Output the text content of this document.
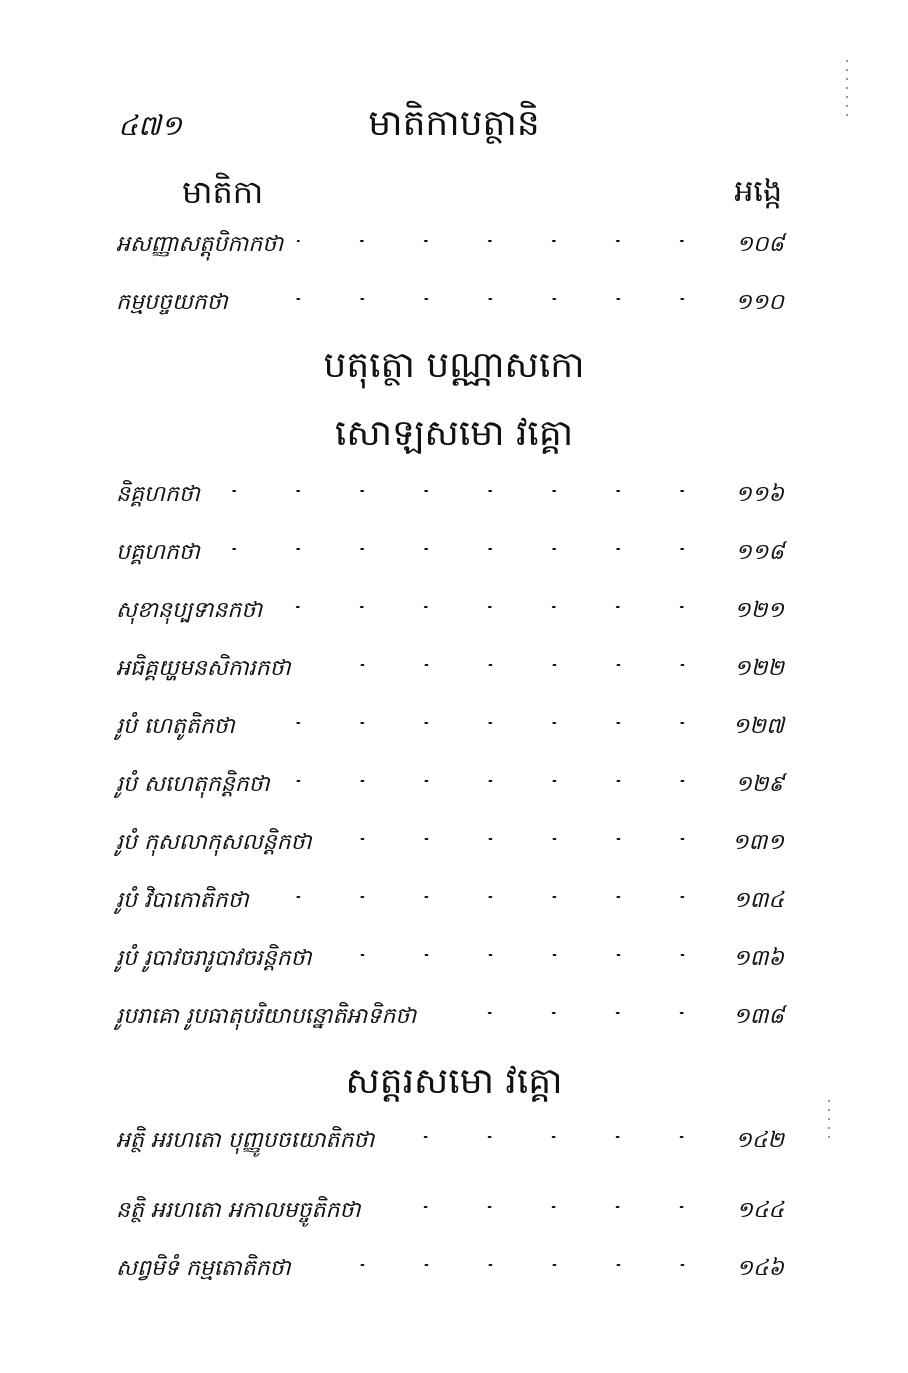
៤៧១	មាតិកាបត្ថានិ
មាតិកា	អង្កេ
អសញ្ញាសត្តុបិកាកថា	១០៨
កម្មបច្ចយកថា	១១០
បតុត្ថោ បណ្ណាសកោ
សោឡសមោ វគ្គោ
និគ្គហកថា	១១៦
បគ្គហកថា	១១៨
សុខានុប្បទានកថា	១២១
អធិគ្គយ្ហមនសិការកថា	១២២
រូបំ ហេតូតិកថា	១២៧
រូបំ សហេតុកន្តិកថា	១២៩
រូបំ កុសលាកុសលន្តិកថា	១៣១
រូបំ វិបាកោតិកថា	១៣៤
រូបំ រូបាវចរារូបាវចរន្តិកថា	១៣៦
រូបរាគោ រូបធាតុបរិយាបន្នោតិអាទិកថា	១៣៨
សត្តរសមោ វគ្គោ
អត្ថិ អរហតោ បុញ្ញូបចយោតិកថា	១៤២
នត្ថិ អរហតោ អកាលមច្ចូតិកថា	១៤៤
សព្វមិទំ កម្មតោតិកថា	១៤៦
